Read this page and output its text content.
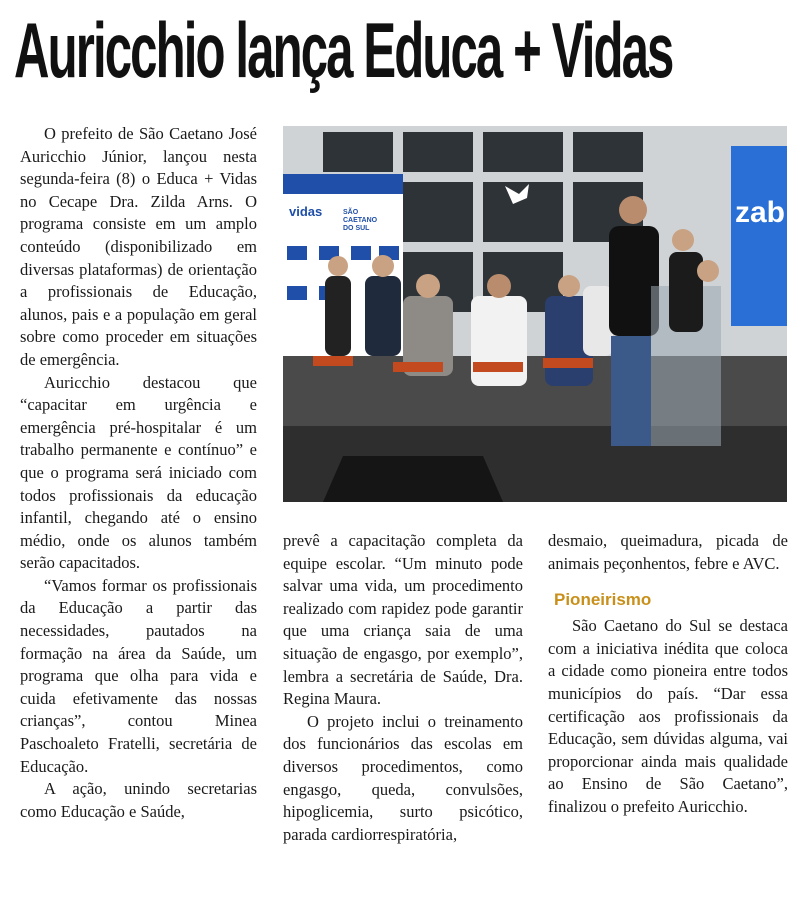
Auricchio lança Educa + Vidas

O prefeito de São Caetano José Auricchio Júnior, lançou nesta segunda-feira (8) o Educa + Vidas no Cecape Dra. Zilda Arns. O programa consiste em um amplo conteúdo (disponibilizado em diversas plataformas) de orientação a profissionais de Educação, alunos, pais e a população em geral sobre como proceder em situações de emergência.

Auricchio destacou que “capacitar em urgência e emergência pré-hospitalar é um trabalho permanente e contínuo” e que o programa será iniciado com todos profissionais da educação infantil, chegando até o ensino médio, onde os alunos também serão capacitados.

“Vamos formar os profissionais da Educação a partir das necessidades, pautados na formação na área da Saúde, um programa que olha para vida e cuida efetivamente das nossas crianças”, contou Minea Paschoaleto Fratelli, secretária de Educação.

A ação, unindo secretarias como Educação e Saúde,

vidas	SÃO
CAETANO
DO SUL	zabi

prevê a capacitação completa da equipe escolar. “Um minuto pode salvar uma vida, um procedimento realizado com rapidez pode garantir que uma criança saia de uma situação de engasgo, por exemplo”, lembra a secretária de Saúde, Dra. Regina Maura.

O projeto inclui o treinamento dos funcionários das escolas em diversos procedimentos, como engasgo, queda, convulsões, hipoglicemia, surto psicótico, parada cardiorrespiratória,

desmaio, queimadura, picada de animais peçonhentos, febre e AVC.

Pioneirismo

São Caetano do Sul se destaca com a iniciativa inédita que coloca a cidade como pioneira entre todos municípios do país. “Dar essa certificação aos profissionais da Educação, sem dúvidas alguma, vai proporcionar ainda mais qualidade ao Ensino de São Caetano”, finalizou o prefeito Auricchio.
